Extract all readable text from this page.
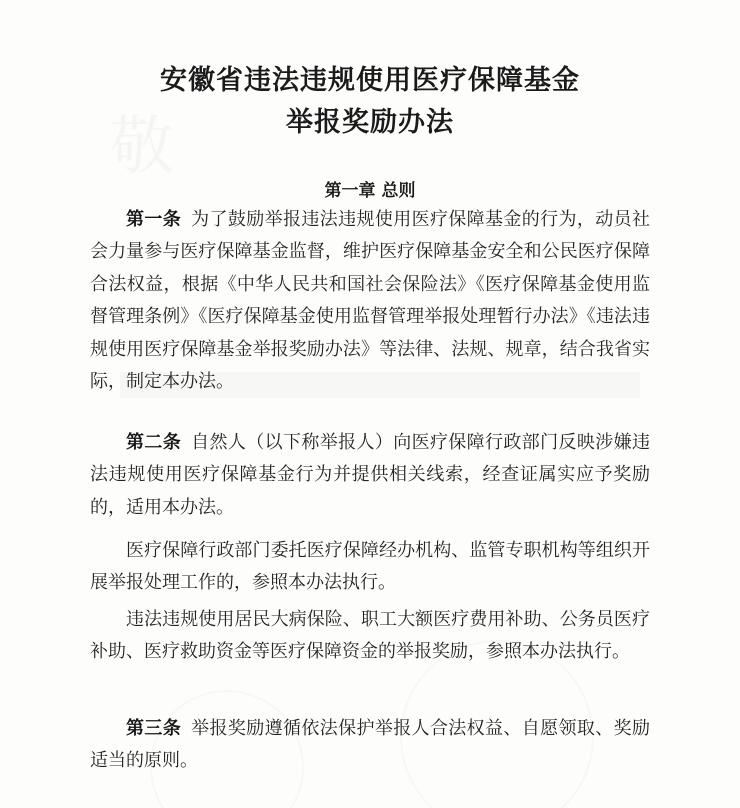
敬
安徽省违法违规使用医疗保障基金
举报奖励办法
第一章 总则

第一条 为了鼓励举报违法违规使用医疗保障基金的行为，动员社会力量参与医疗保障基金监督，维护医疗保障基金安全和公民医疗保障合法权益，根据《中华人民共和国社会保险法》《医疗保障基金使用监督管理条例》《医疗保障基金使用监督管理举报处理暂行办法》《违法违规使用医疗保障基金举报奖励办法》等法律、法规、规章，结合我省实际，制定本办法。

第二条 自然人（以下称举报人）向医疗保障行政部门反映涉嫌违法违规使用医疗保障基金行为并提供相关线索，经查证属实应予奖励的，适用本办法。

医疗保障行政部门委托医疗保障经办机构、监管专职机构等组织开展举报处理工作的，参照本办法执行。

违法违规使用居民大病保险、职工大额医疗费用补助、公务员医疗补助、医疗救助资金等医疗保障资金的举报奖励，参照本办法执行。

第三条 举报奖励遵循依法保护举报人合法权益、自愿领取、奖励适当的原则。
